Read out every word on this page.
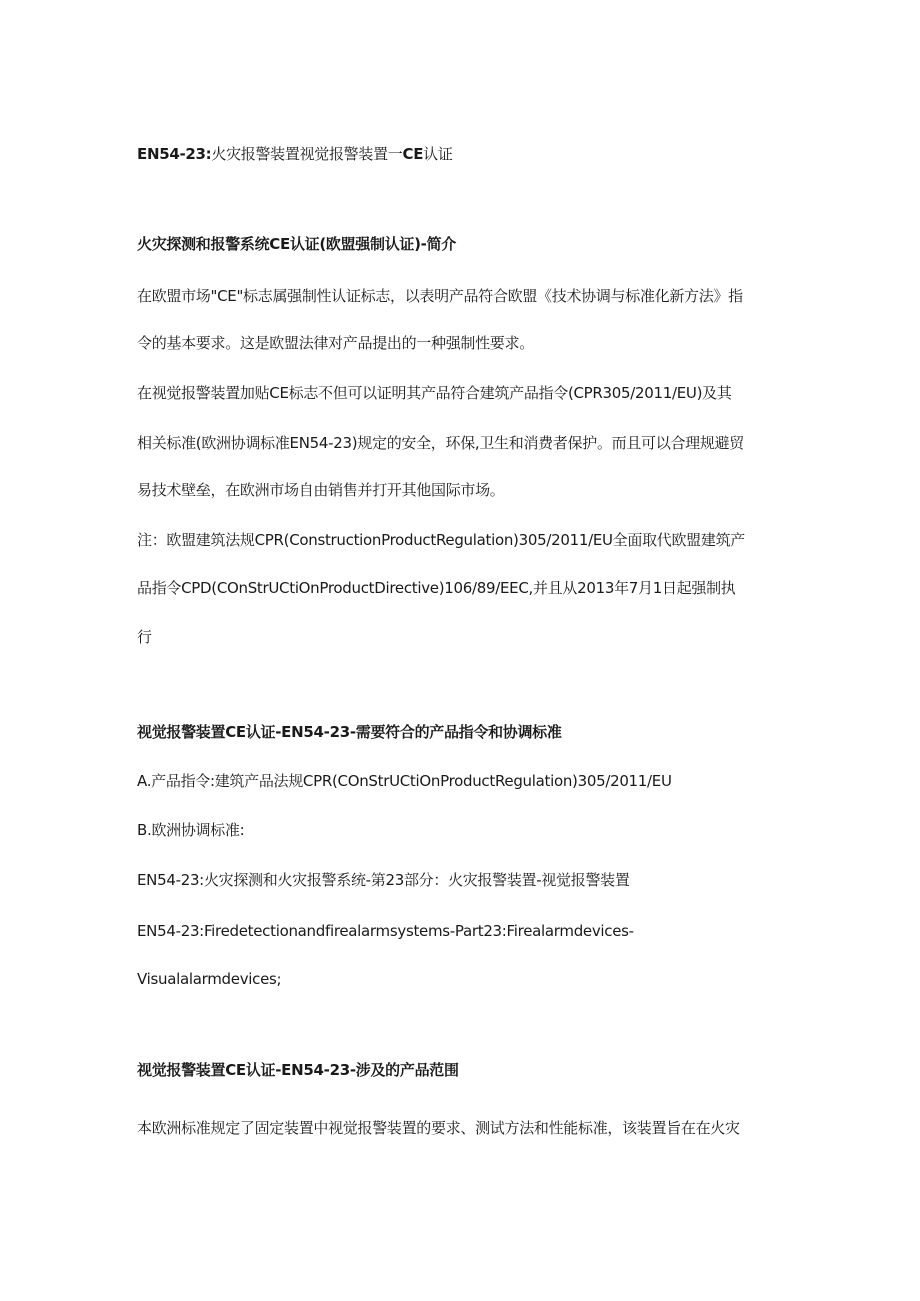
EN54-23:火灾报警装置视觉报警装置一CE认证
火灾探测和报警系统CE认证(欧盟强制认证)-简介
在欧盟市场"CE"标志属强制性认证标志，以表明产品符合欧盟《技术协调与标准化新方法》指
令的基本要求。这是欧盟法律对产品提出的一种强制性要求。
在视觉报警装置加贴CE标志不但可以证明其产品符合建筑产品指令(CPR305/2011/EU)及其
相关标准(欧洲协调标准EN54-23)规定的安全，环保,卫生和消费者保护。而且可以合理规避贸
易技术壁垒，在欧洲市场自由销售并打开其他国际市场。
注：欧盟建筑法规CPR(ConstructionProductRegulation)305/2011/EU全面取代欧盟建筑产
品指令CPD(COnStrUCtiOnProductDirective)106/89/EEC,并且从2013年7月1日起强制执
行
视觉报警装置CE认证-EN54-23-需要符合的产品指令和协调标准
A.产品指令:建筑产品法规CPR(COnStrUCtiOnProductRegulation)305/2011/EU
B.欧洲协调标准:
EN54-23:火灾探测和火灾报警系统-第23部分：火灾报警装置-视觉报警装置
EN54-23:Firedetectionandfirealarmsystems-Part23:Firealarmdevices-
Visualalarmdevices;
视觉报警装置CE认证-EN54-23-涉及的产品范围
本欧洲标准规定了固定装置中视觉报警装置的要求、测试方法和性能标准，该装置旨在在火灾
